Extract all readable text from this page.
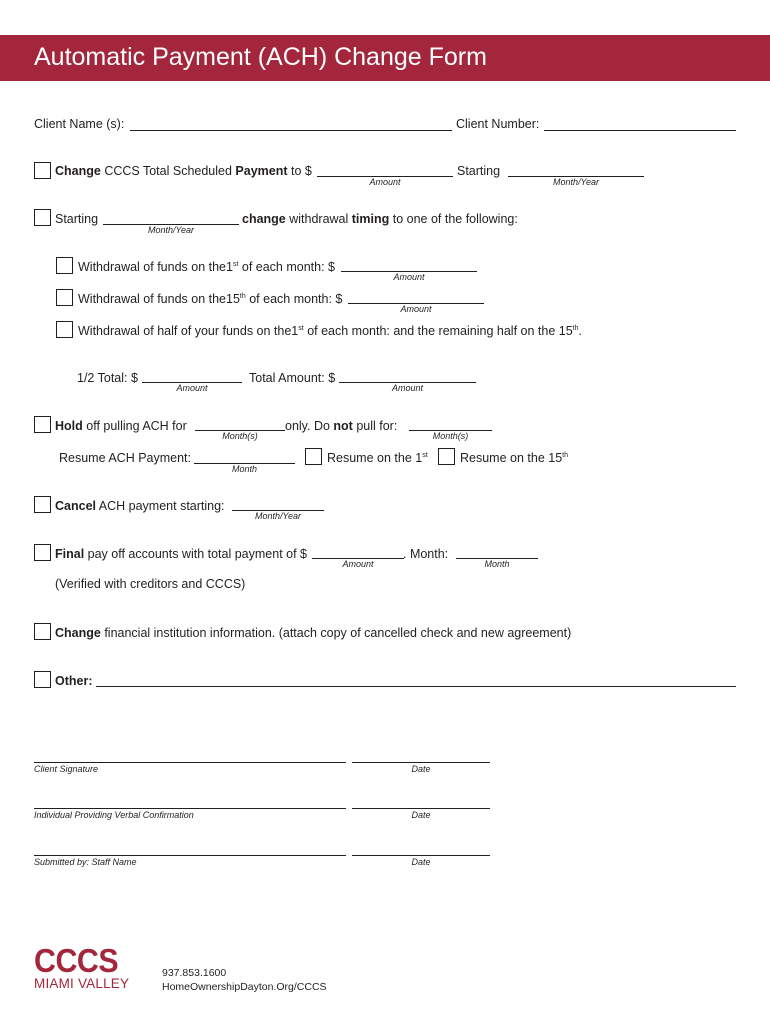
Automatic Payment (ACH) Change Form
Client Name (s):	Client Number:
Change CCCS Total Scheduled Payment to $
Amount
Starting
Month/Year
Starting
Month/Year
change withdrawal timing to one of the following:
Withdrawal of funds on the1st of each month: $
Amount
Withdrawal of funds on the15th of each month: $
Amount
Withdrawal of half of your funds on the1st of each month: and the remaining half on the 15th.
1/2 Total: $
Amount
Total Amount: $
Amount
Hold off pulling ACH for
Month(s)
only. Do not pull for:
Month(s)
Resume ACH Payment:
Month
Resume on the 1st	Resume on the 15th
Cancel ACH payment starting:
Month/Year
Final pay off accounts with total payment of $
Amount
. Month:
Month
(Verified with creditors and CCCS)
Change financial institution information. (attach copy of cancelled check and new agreement)
Other:
Client Signature	Date
Individual Providing Verbal Confirmation	Date
Submitted by: Staff Name	Date
CCCS
MIAMI VALLEY
937.853.1600
HomeOwnershipDayton.Org/CCCS
